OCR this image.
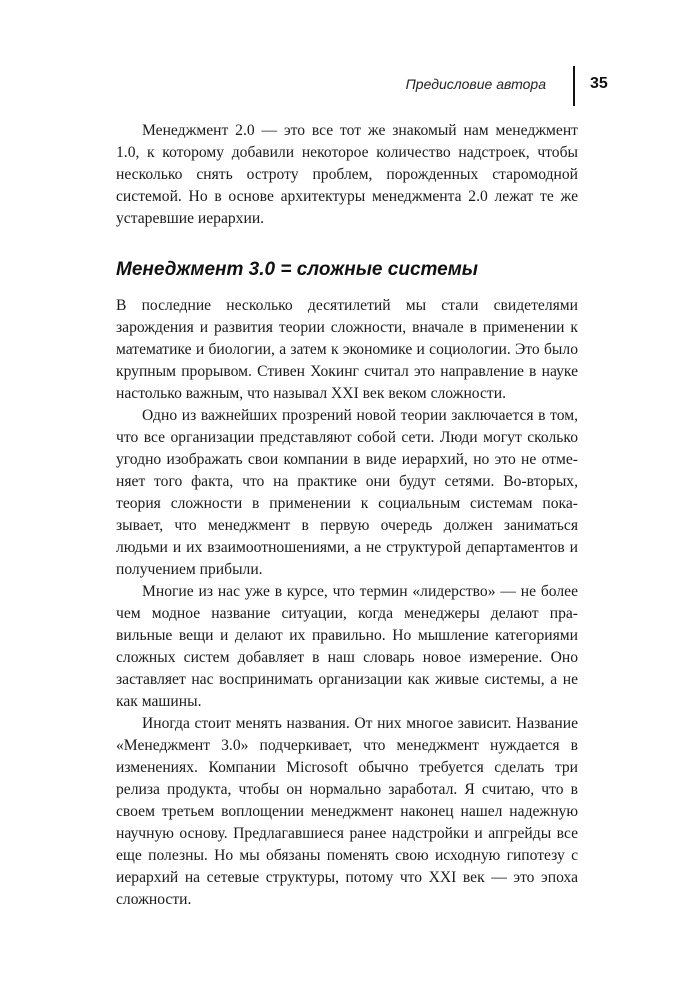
Предисловие автора	35

Менеджмент 2.0 — это все тот же знакомый нам менеджмент 1.0, к которому добавили некоторое количество надстроек, чтобы несколько снять остроту проблем, порожденных старомодной системой. Но в основе архитектуры менеджмента 2.0 лежат те же устаревшие иерархии.

Менеджмент 3.0 = сложные системы

В последние несколько десятилетий мы стали свидетелями зарождения и развития теории сложности, вначале в применении к математике и биологии, а затем к экономике и социологии. Это было крупным прорывом. Стивен Хокинг считал это направление в науке настолько важным, что называл XXI век веком сложности.

Одно из важнейших прозрений новой теории заключается в том, что все организации представляют собой сети. Люди могут сколько угодно изображать свои компании в виде иерархий, но это не отменяет того факта, что на практике они будут сетями. Во-вторых, теория сложности в применении к социальным системам показывает, что менеджмент в первую очередь должен заниматься людьми и их взаимоотношениями, а не структурой департаментов и получением прибыли.

Многие из нас уже в курсе, что термин «лидерство» — не более чем модное название ситуации, когда менеджеры делают правильные вещи и делают их правильно. Но мышление категориями сложных систем добавляет в наш словарь новое измерение. Оно заставляет нас воспринимать организации как живые системы, а не как машины.

Иногда стоит менять названия. От них многое зависит. Название «Менеджмент 3.0» подчеркивает, что менеджмент нуждается в изменениях. Компании Microsoft обычно требуется сделать три релиза продукта, чтобы он нормально заработал. Я считаю, что в своем третьем воплощении менеджмент наконец нашел надежную научную основу. Предлагавшиеся ранее надстройки и апгрейды все еще полезны. Но мы обязаны поменять свою исходную гипотезу с иерархий на сетевые структуры, потому что XXI век — это эпоха сложности.
